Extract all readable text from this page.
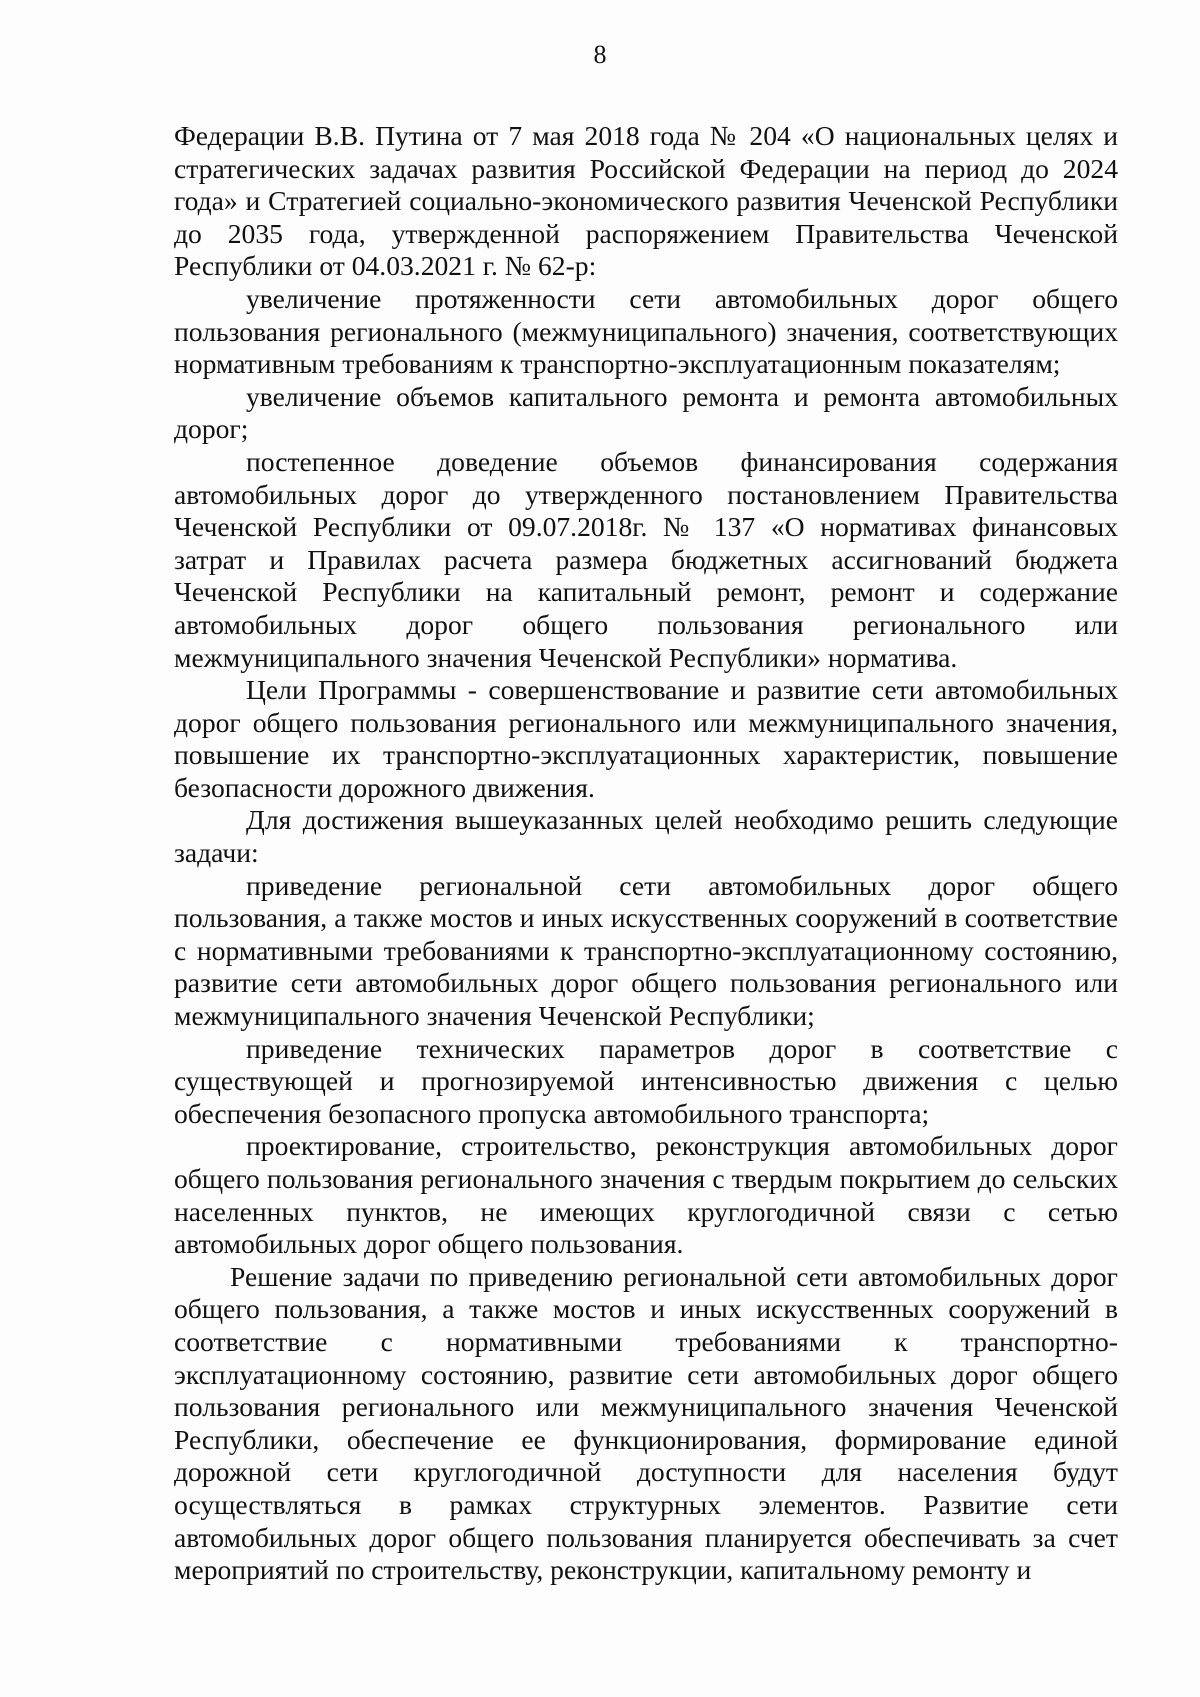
8

Федерации В.В. Путина от 7 мая 2018 года № 204 «О национальных целях и стратегических задачах развития Российской Федерации на период до 2024 года» и Стратегией социально-экономического развития Чеченской Республики до 2035 года, утвержденной распоряжением Правительства Чеченской Республики от 04.03.2021 г. № 62-р:

увеличение протяженности сети автомобильных дорог общего пользования регионального (межмуниципального) значения, соответствующих нормативным требованиям к транспортно-эксплуатационным показателям;

увеличение объемов капитального ремонта и ремонта автомобильных дорог;

постепенное доведение объемов финансирования содержания автомобильных дорог до утвержденного постановлением Правительства Чеченской Республики от 09.07.2018г. № 137 «О нормативах финансовых затрат и Правилах расчета размера бюджетных ассигнований бюджета Чеченской Республики на капитальный ремонт, ремонт и содержание автомобильных дорог общего пользования регионального или межмуниципального значения Чеченской Республики» норматива.

Цели Программы - совершенствование и развитие сети автомобильных дорог общего пользования регионального или межмуниципального значения, повышение их транспортно-эксплуатационных характеристик, повышение безопасности дорожного движения.

Для достижения вышеуказанных целей необходимо решить следующие задачи:

приведение региональной сети автомобильных дорог общего пользования, а также мостов и иных искусственных сооружений в соответствие с нормативными требованиями к транспортно-эксплуатационному состоянию, развитие сети автомобильных дорог общего пользования регионального или межмуниципального значения Чеченской Республики;

приведение технических параметров дорог в соответствие с существующей и прогнозируемой интенсивностью движения с целью обеспечения безопасного пропуска автомобильного транспорта;

проектирование, строительство, реконструкция автомобильных дорог общего пользования регионального значения с твердым покрытием до сельских населенных пунктов, не имеющих круглогодичной связи с сетью автомобильных дорог общего пользования.

Решение задачи по приведению региональной сети автомобильных дорог общего пользования, а также мостов и иных искусственных сооружений в соответствие с нормативными требованиями к транспортно-эксплуатационному состоянию, развитие сети автомобильных дорог общего пользования регионального или межмуниципального значения Чеченской Республики, обеспечение ее функционирования, формирование единой дорожной сети круглогодичной доступности для населения будут осуществляться в рамках структурных элементов. Развитие сети автомобильных дорог общего пользования планируется обеспечивать за счет мероприятий по строительству, реконструкции, капитальному ремонту и
